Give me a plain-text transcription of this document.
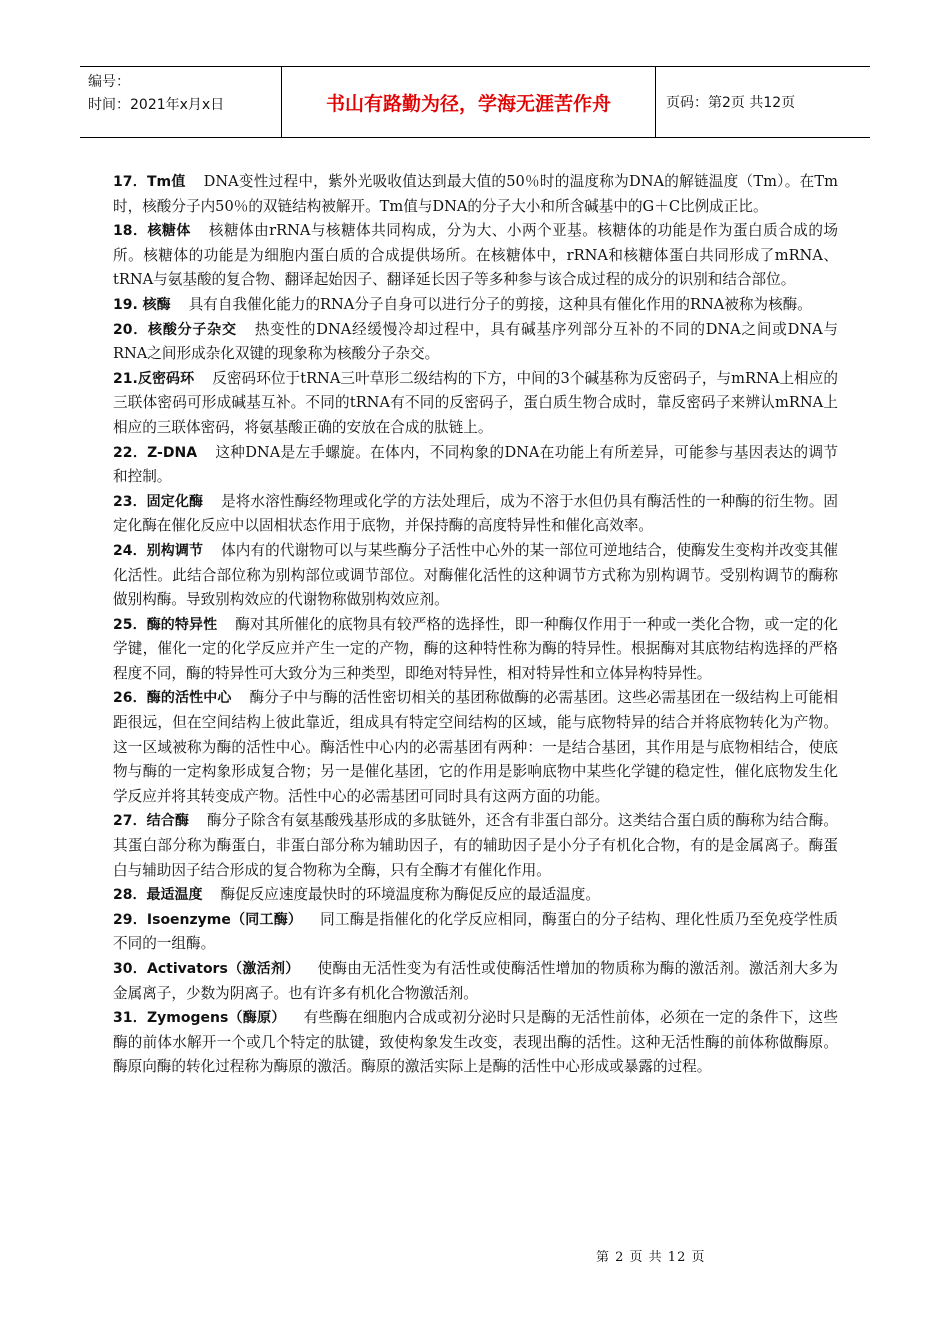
编号：
时间：2021年x月x日	书山有路勤为径，学海无涯苦作舟	页码：第2页 共12页

17．Tm值 DNA变性过程中，紫外光吸收值达到最大值的50％时的温度称为DNA的解链温度（Tm）。在Tm时，核酸分子内50％的双链结构被解开。Tm值与DNA的分子大小和所含碱基中的G＋C比例成正比。

18．核糖体 核糖体由rRNA与核糖体共同构成，分为大、小两个亚基。核糖体的功能是作为蛋白质合成的场所。核糖体的功能是为细胞内蛋白质的合成提供场所。在核糖体中，rRNA和核糖体蛋白共同形成了mRNA、tRNA与氨基酸的复合物、翻译起始因子、翻译延长因子等多种参与该合成过程的成分的识别和结合部位。

19. 核酶 具有自我催化能力的RNA分子自身可以进行分子的剪接，这种具有催化作用的RNA被称为核酶。

20．核酸分子杂交 热变性的DNA经缓慢冷却过程中，具有碱基序列部分互补的不同的DNA之间或DNA与RNA之间形成杂化双键的现象称为核酸分子杂交。

21.反密码环 反密码环位于tRNA三叶草形二级结构的下方，中间的3个碱基称为反密码子，与mRNA上相应的三联体密码可形成碱基互补。不同的tRNA有不同的反密码子，蛋白质生物合成时，靠反密码子来辨认mRNA上相应的三联体密码，将氨基酸正确的安放在合成的肽链上。

22．Z-DNA 这种DNA是左手螺旋。在体内，不同构象的DNA在功能上有所差异，可能参与基因表达的调节和控制。

23．固定化酶 是将水溶性酶经物理或化学的方法处理后，成为不溶于水但仍具有酶活性的一种酶的衍生物。固定化酶在催化反应中以固相状态作用于底物，并保持酶的高度特异性和催化高效率。

24．别构调节 体内有的代谢物可以与某些酶分子活性中心外的某一部位可逆地结合，使酶发生变构并改变其催化活性。此结合部位称为别构部位或调节部位。对酶催化活性的这种调节方式称为别构调节。受别构调节的酶称做别构酶。导致别构效应的代谢物称做别构效应剂。

25．酶的特异性 酶对其所催化的底物具有较严格的选择性，即一种酶仅作用于一种或一类化合物，或一定的化学键，催化一定的化学反应并产生一定的产物，酶的这种特性称为酶的特异性。根据酶对其底物结构选择的严格程度不同，酶的特异性可大致分为三种类型，即绝对特异性，相对特异性和立体异构特异性。

26．酶的活性中心 酶分子中与酶的活性密切相关的基团称做酶的必需基团。这些必需基团在一级结构上可能相距很远，但在空间结构上彼此靠近，组成具有特定空间结构的区域，能与底物特异的结合并将底物转化为产物。这一区域被称为酶的活性中心。酶活性中心内的必需基团有两种：一是结合基团，其作用是与底物相结合，使底物与酶的一定构象形成复合物；另一是催化基团，它的作用是影响底物中某些化学键的稳定性，催化底物发生化学反应并将其转变成产物。活性中心的必需基团可同时具有这两方面的功能。

27．结合酶 酶分子除含有氨基酸残基形成的多肽链外，还含有非蛋白部分。这类结合蛋白质的酶称为结合酶。其蛋白部分称为酶蛋白，非蛋白部分称为辅助因子，有的辅助因子是小分子有机化合物，有的是金属离子。酶蛋白与辅助因子结合形成的复合物称为全酶，只有全酶才有催化作用。

28．最适温度 酶促反应速度最快时的环境温度称为酶促反应的最适温度。

29．Isoenzyme（同工酶） 同工酶是指催化的化学反应相同，酶蛋白的分子结构、理化性质乃至免疫学性质不同的一组酶。

30．Activators（激活剂） 使酶由无活性变为有活性或使酶活性增加的物质称为酶的激活剂。激活剂大多为金属离子，少数为阴离子。也有许多有机化合物激活剂。

31．Zymogens（酶原） 有些酶在细胞内合成或初分泌时只是酶的无活性前体，必须在一定的条件下，这些酶的前体水解开一个或几个特定的肽键，致使构象发生改变，表现出酶的活性。这种无活性酶的前体称做酶原。酶原向酶的转化过程称为酶原的激活。酶原的激活实际上是酶的活性中心形成或暴露的过程。

第 2 页 共 12 页
